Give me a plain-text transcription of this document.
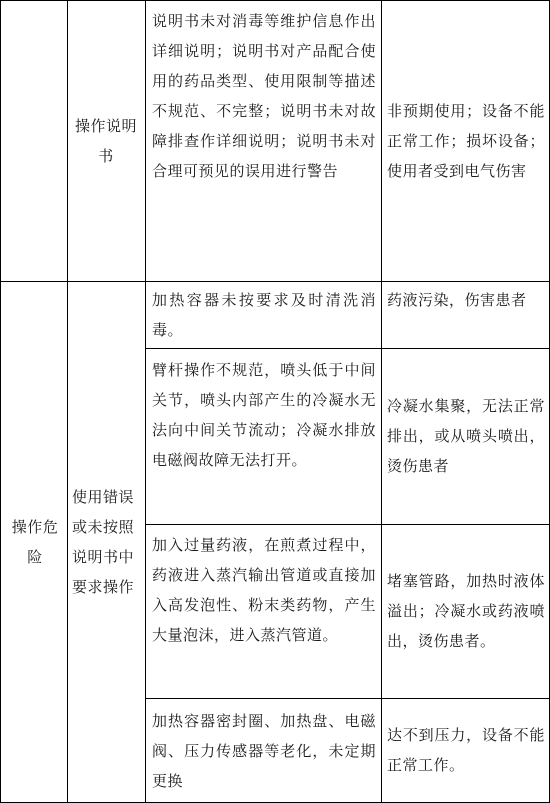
操作说明书
说明书未对消毒等维护信息作出详细说明；说明书对产品配合使用的药品类型、使用限制等描述不规范、不完整；说明书未对故障排查作详细说明；说明书未对合理可预见的误用进行警告
非预期使用；设备不能正常工作；损坏设备；使用者受到电气伤害
操作危险
使用错误或未按照说明书中要求操作
加热容器未按要求及时清洗消毒。
药液污染，伤害患者
臂杆操作不规范，喷头低于中间关节，喷头内部产生的冷凝水无法向中间关节流动；冷凝水排放电磁阀故障无法打开。
冷凝水集聚，无法正常排出，或从喷头喷出，烫伤患者
加入过量药液，在煎煮过程中，药液进入蒸汽输出管道或直接加入高发泡性、粉末类药物，产生大量泡沫，进入蒸汽管道。
堵塞管路，加热时液体溢出；冷凝水或药液喷出，烫伤患者。
加热容器密封圈、加热盘、电磁阀、压力传感器等老化，未定期更换
达不到压力，设备不能正常工作。
